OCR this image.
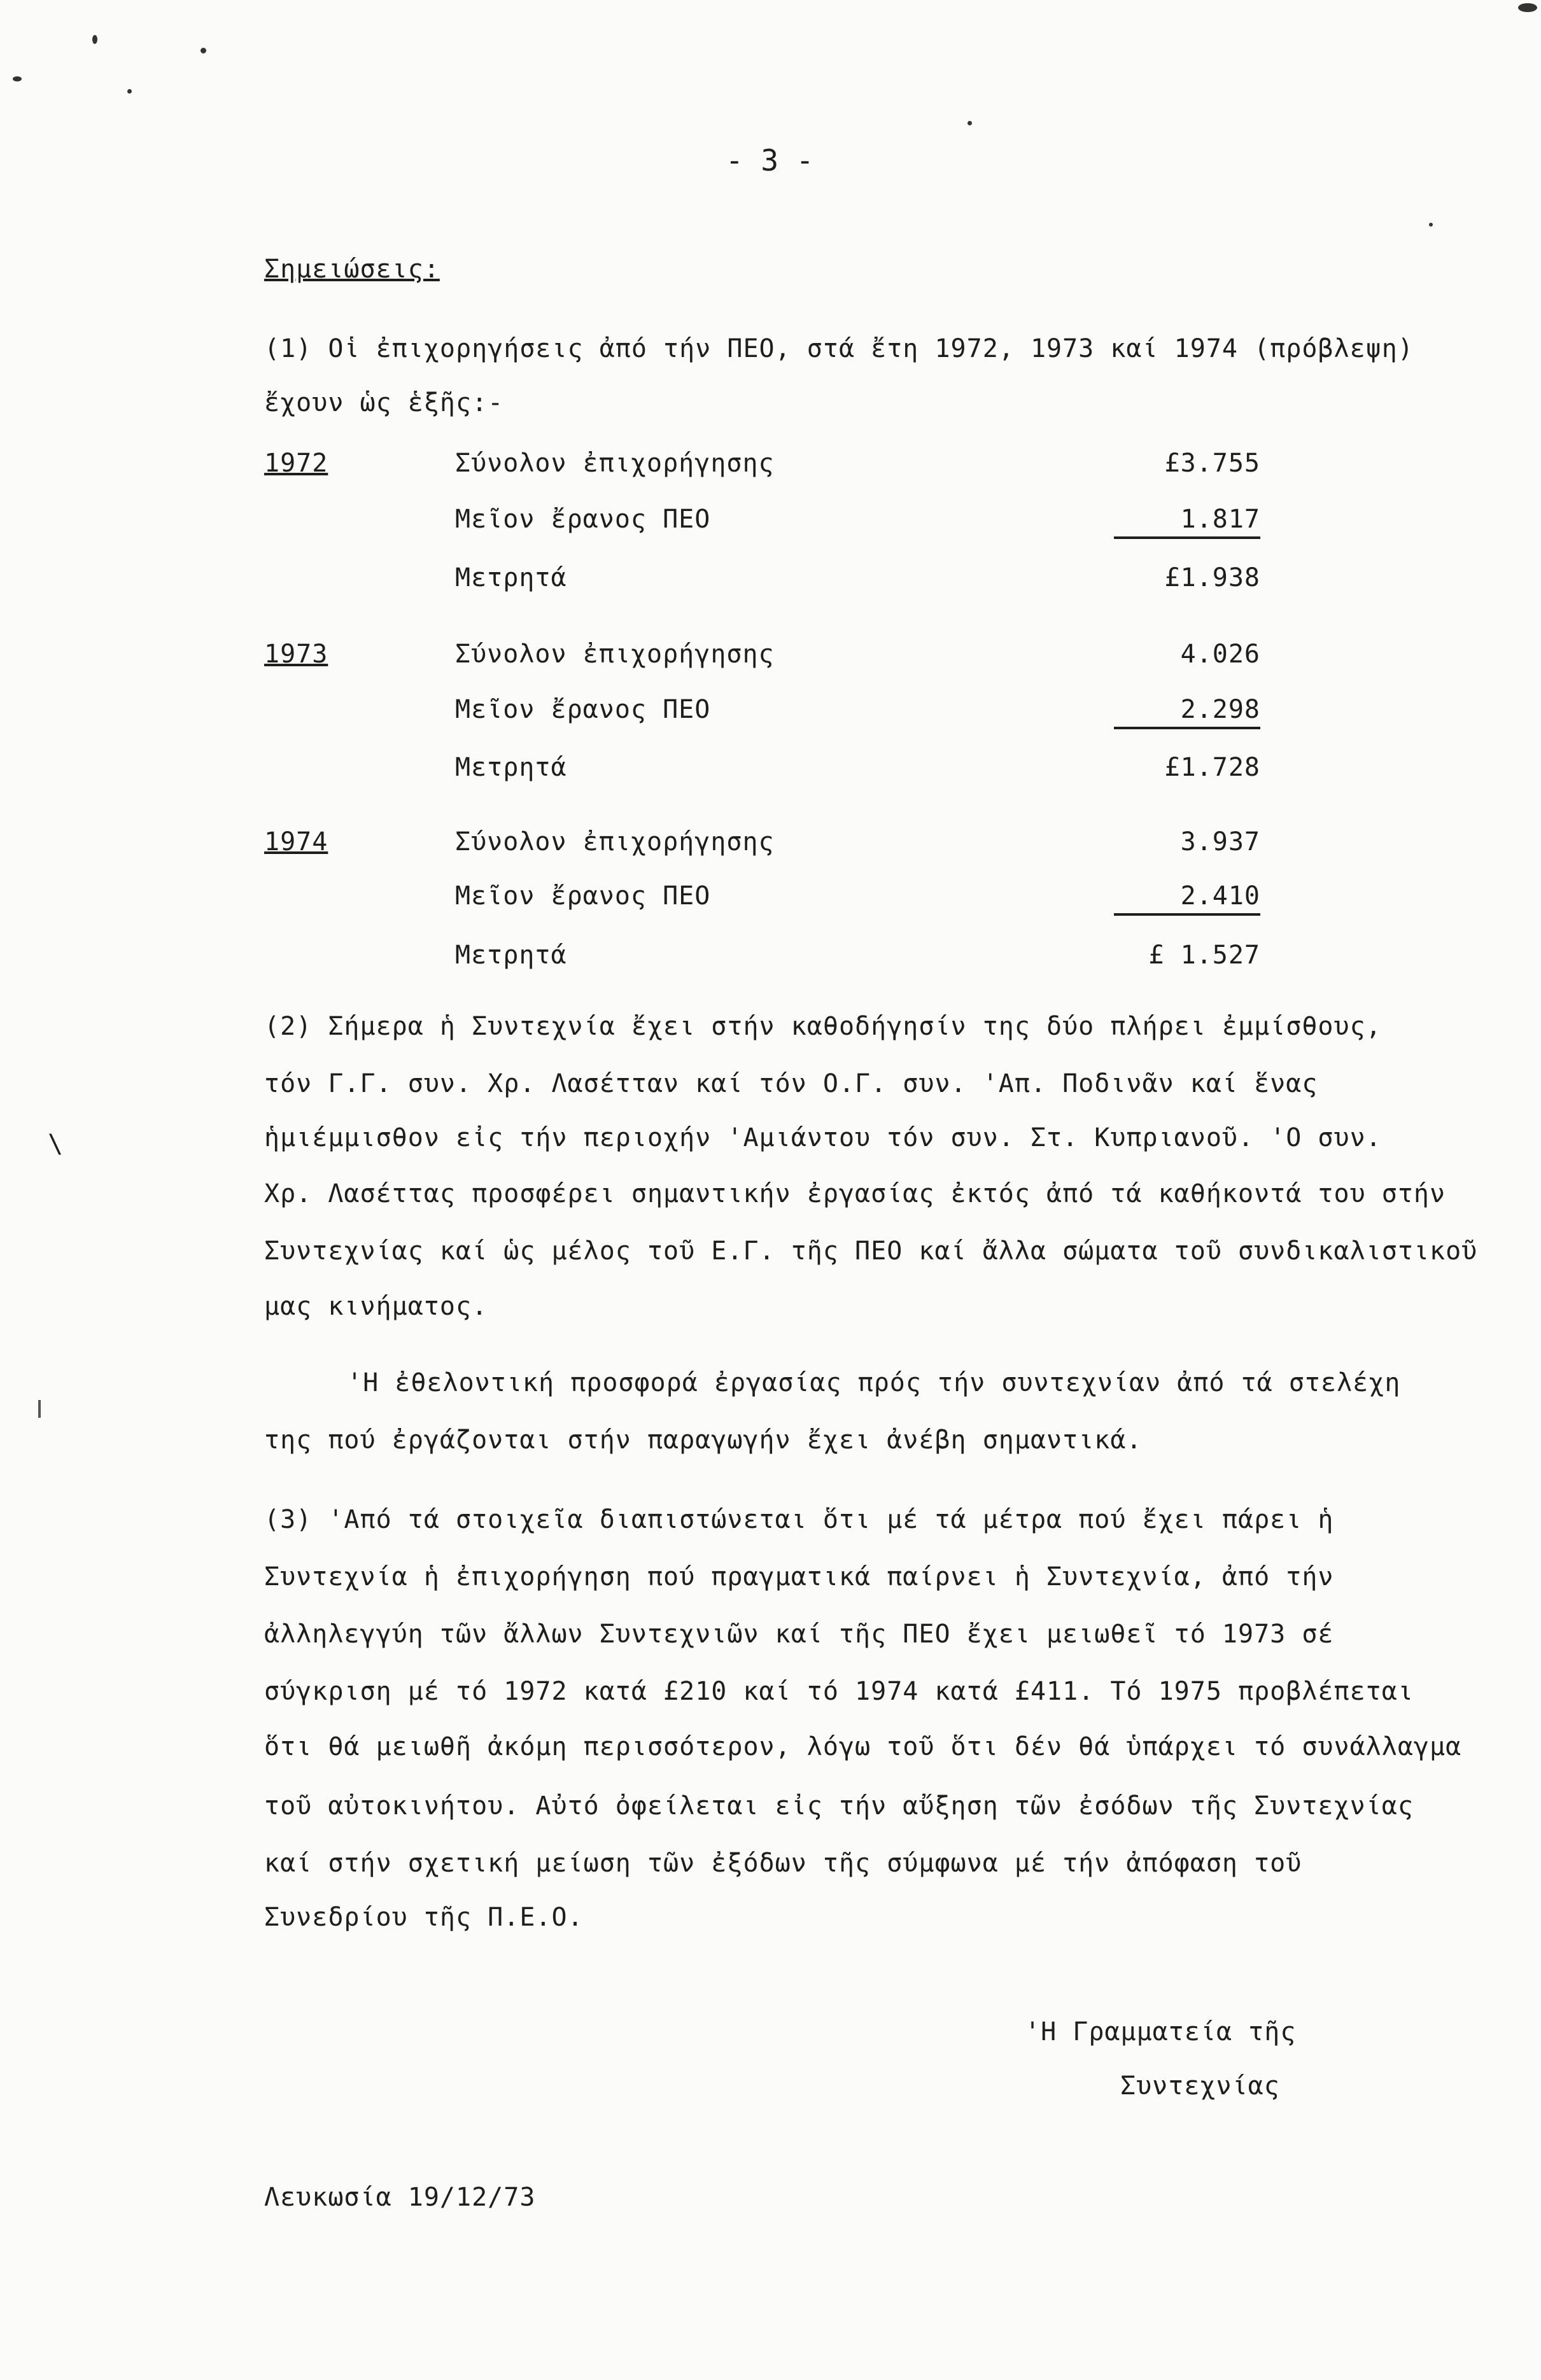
- 3 -
Σημειώσεις:
(1) Οἱ ἐπιχορηγήσεις ἀπό τήν ΠΕΟ, στά ἔτη 1972, 1973 καί 1974 (πρόβλεψη)
ἔχουν ὡς ἑξῆς:-
1972	Σύνολον ἐπιχορήγησης	£3.755
Μεῖον ἔρανος ΠΕΟ	1.817
Μετρητά	£1.938
1973	Σύνολον ἐπιχορήγησης	4.026
Μεῖον ἔρανος ΠΕΟ	2.298
Μετρητά	£1.728
1974	Σύνολον ἐπιχορήγησης	3.937
Μεῖον ἔρανος ΠΕΟ	2.410
Μετρητά	£ 1.527
(2) Σήμερα ἡ Συντεχνία ἔχει στήν καθοδήγησίν της δύο πλήρει ἐμμίσθους,
τόν Γ.Γ. συν. Χρ. Λασέτταν καί τόν Ο.Γ. συν. 'Απ. Ποδινᾶν καί ἕνας
ἡμιέμμισθον εἰς τήν περιοχήν 'Αμιάντου τόν συν. Στ. Κυπριανοῦ. 'Ο συν.
Χρ. Λασέττας προσφέρει σημαντικήν ἐργασίας ἐκτός ἀπό τά καθήκοντά του στήν
Συντεχνίας καί ὡς μέλος τοῦ Ε.Γ. τῆς ΠΕΟ καί ἄλλα σώματα τοῦ συνδικαλιστικοῦ
μας κινήματος.
'Η ἐθελοντική προσφορά ἐργασίας πρός τήν συντεχνίαν ἀπό τά στελέχη
της πού ἐργάζονται στήν παραγωγήν ἔχει ἀνέβη σημαντικά.
(3) 'Από τά στοιχεῖα διαπιστώνεται ὅτι μέ τά μέτρα πού ἔχει πάρει ἡ
Συντεχνία ἡ ἐπιχορήγηση πού πραγματικά παίρνει ἡ Συντεχνία, ἀπό τήν
ἀλληλεγγύη τῶν ἄλλων Συντεχνιῶν καί τῆς ΠΕΟ ἔχει μειωθεῖ τό 1973 σέ
σύγκριση μέ τό 1972 κατά £210 καί τό 1974 κατά £411. Τό 1975 προβλέπεται
ὅτι θά μειωθῆ ἀκόμη περισσότερον, λόγω τοῦ ὅτι δέν θά ὑπάρχει τό συνάλλαγμα
τοῦ αὐτοκινήτου. Αὐτό ὀφείλεται εἰς τήν αὔξηση τῶν ἐσόδων τῆς Συντεχνίας
καί στήν σχετική μείωση τῶν ἐξόδων τῆς σύμφωνα μέ τήν ἀπόφαση τοῦ
Συνεδρίου τῆς Π.Ε.Ο.
'Η Γραμματεία τῆς
Συντεχνίας
Λευκωσία 19/12/73
\
